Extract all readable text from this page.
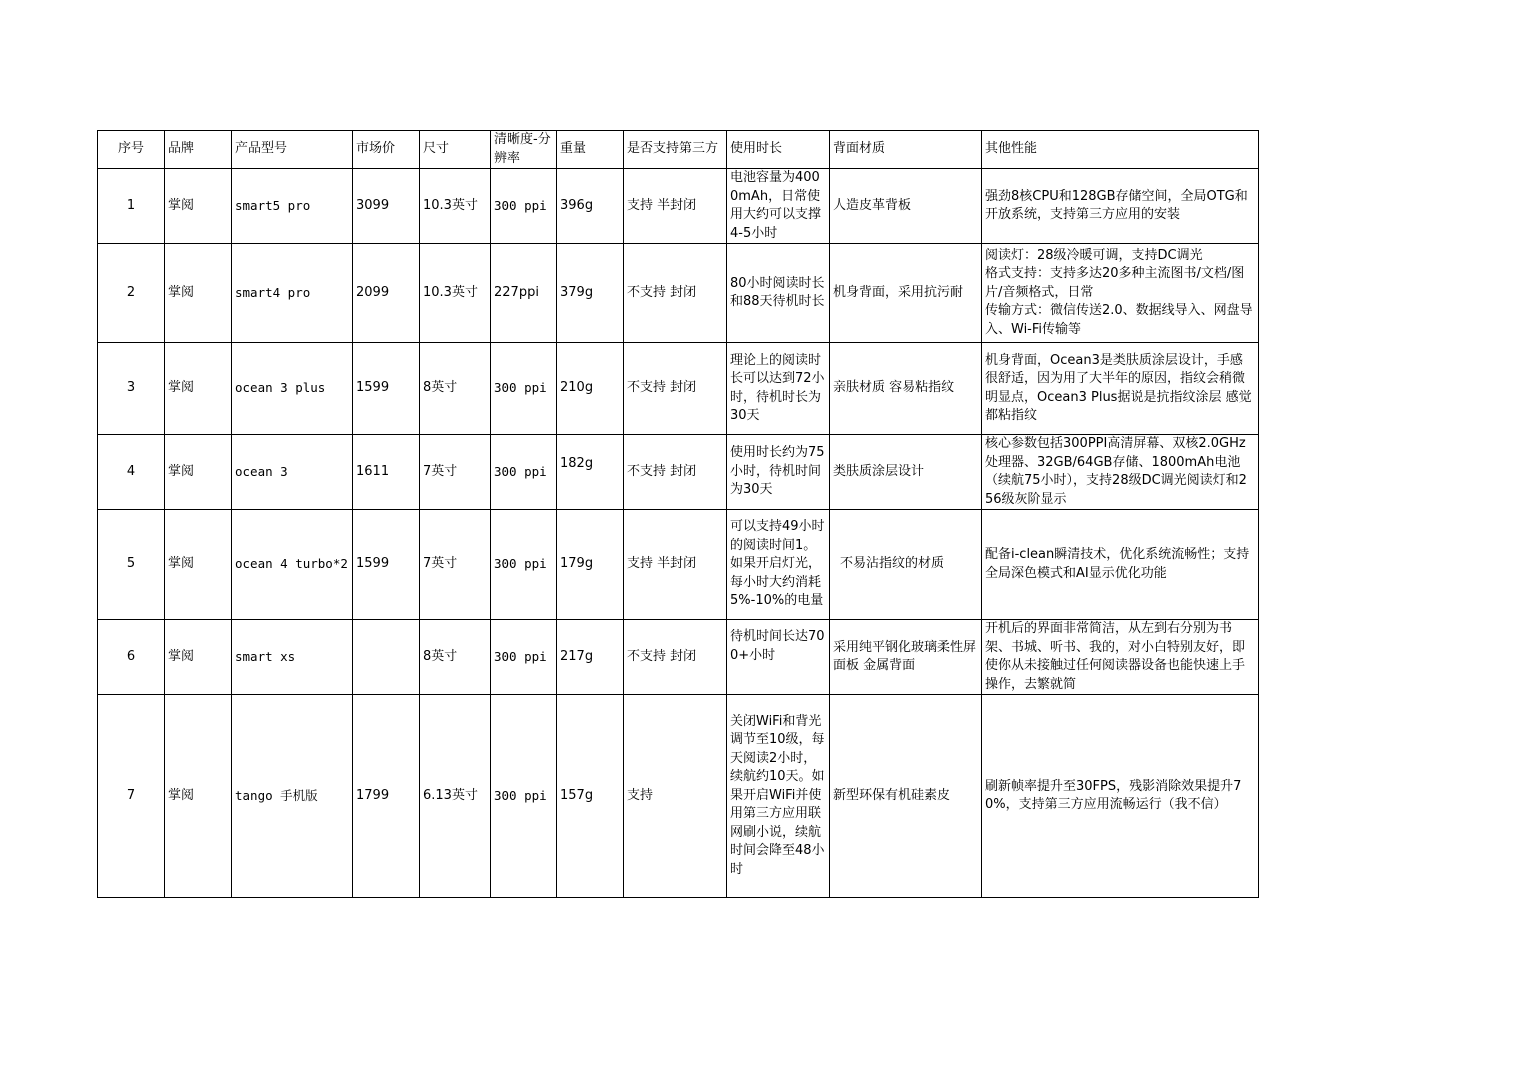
序号	品牌	产品型号	市场价	尺寸	清晰度-分辨率	重量	是否支持第三方	使用时长	背面材质	其他性能
1	掌阅	smart5 pro	3099	10.3英寸	300 ppi	396g	支持 半封闭	电池容量为4000mAh，日常使用大约可以支撑4-5小时	人造皮革背板	强劲8核CPU和128GB存储空间，全局OTG和开放系统，支持第三方应用的安装
2	掌阅	smart4 pro	2099	10.3英寸	227ppi	379g	不支持 封闭	80小时阅读时长和88天待机时长	机身背面，采用抗污耐	阅读灯：28级冷暖可调，支持DC调光
格式支持：支持多达20多种主流图书/文档/图片/音频格式，日常
传输方式：微信传送2.0、数据线导入、网盘导入、Wi-Fi传输等
3	掌阅	ocean 3 plus	1599	8英寸	300 ppi	210g	不支持 封闭	理论上的阅读时长可以达到72小时，待机时长为30天	亲肤材质 容易粘指纹	机身背面，Ocean3是类肤质涂层设计，手感很舒适，因为用了大半年的原因，指纹会稍微明显点，Ocean3 Plus据说是抗指纹涂层 感觉都粘指纹
4	掌阅	ocean 3	1611	7英寸	300 ppi	182g	不支持 封闭	使用时长约为75小时，待机时间为30天	类肤质涂层设计	核心参数包括300PPI高清屏幕、双核2.0GHz处理器、32GB/64GB存储、1800mAh电池（续航75小时），支持28级DC调光阅读灯和256级灰阶显示
5	掌阅	ocean 4 turbo*2	1599	7英寸	300 ppi	179g	支持 半封闭	可以支持49小时的阅读时间1。如果开启灯光，每小时大约消耗5%-10%的电量	不易沾指纹的材质	配备i-clean瞬清技术，优化系统流畅性；支持全局深色模式和AI显示优化功能
6	掌阅	smart xs		8英寸	300 ppi	217g	不支持 封闭	待机时间长达700+小时	采用纯平钢化玻璃柔性屏面板 金属背面	开机后的界面非常简洁，从左到右分别为书架、书城、听书、我的，对小白特别友好，即使你从未接触过任何阅读器设备也能快速上手操作，去繁就简
7	掌阅	tango 手机版	1799	6.13英寸	300 ppi	157g	支持	关闭WiFi和背光调节至10级，每天阅读2小时，续航约10天。如果开启WiFi并使用第三方应用联网刷小说，续航时间会降至48小时	新型环保有机硅素皮	刷新帧率提升至30FPS，残影消除效果提升70%，支持第三方应用流畅运行（我不信）
